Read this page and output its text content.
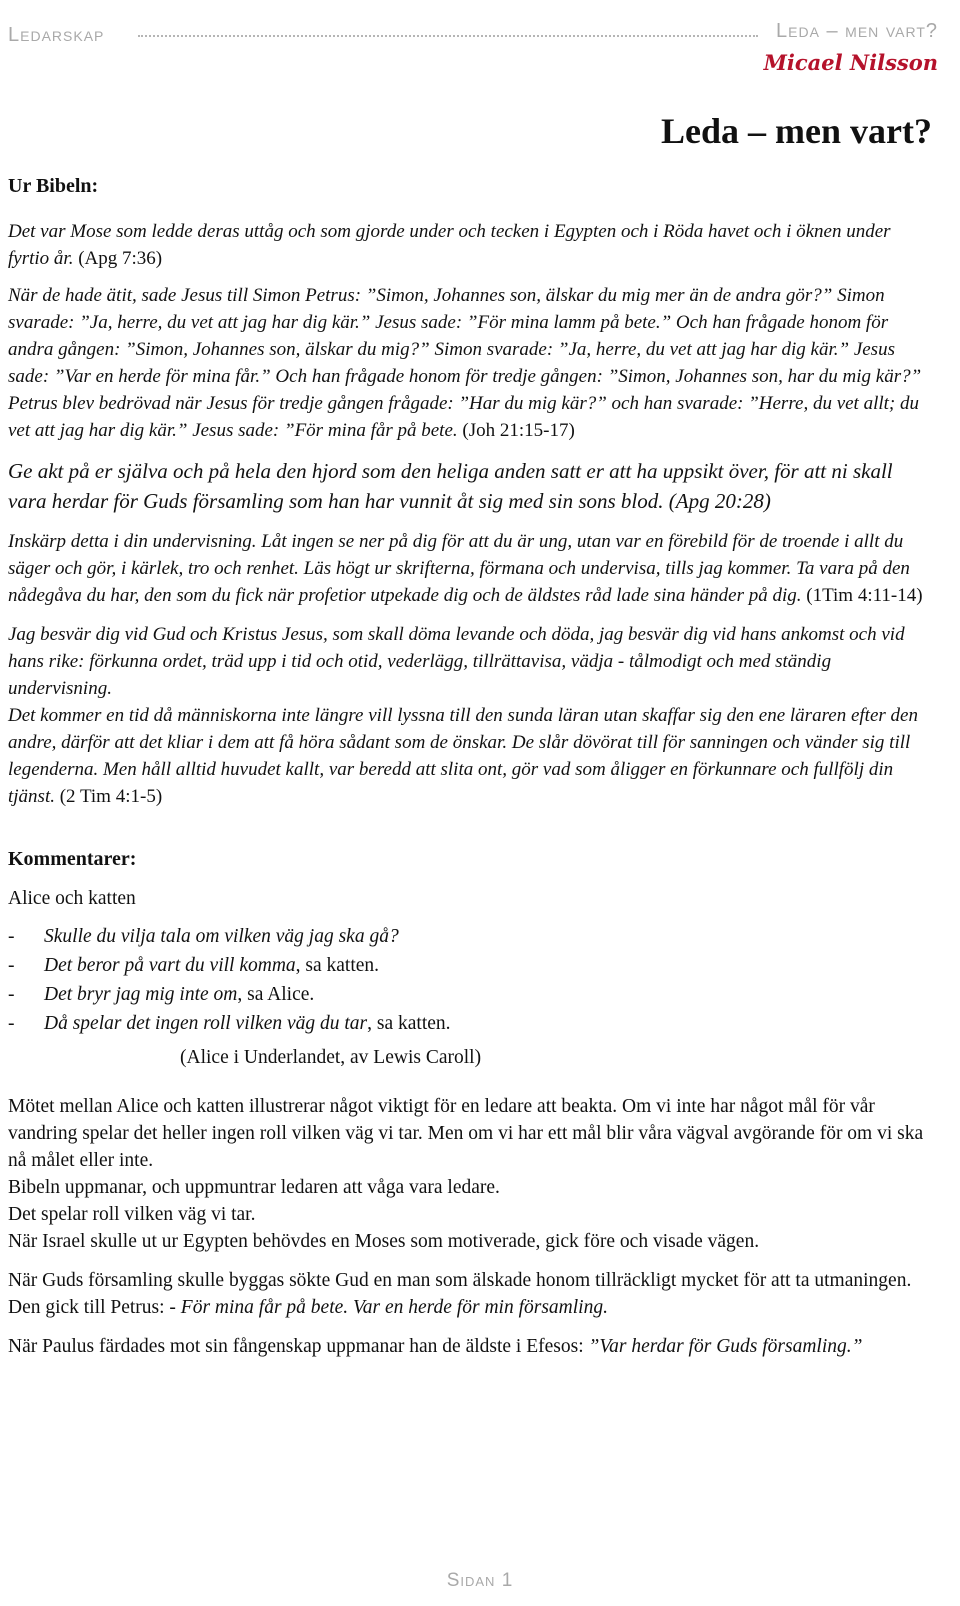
Ledarskap	Leda – men vart?
Micael Nilsson
Leda – men vart?

Ur Bibeln:

Det var Mose som ledde deras uttåg och som gjorde under och tecken i Egypten och i Röda havet och i öknen under fyrtio år. (Apg 7:36)

När de hade ätit, sade Jesus till Simon Petrus: ”Simon, Johannes son, älskar du mig mer än de andra gör?” Simon svarade: ”Ja, herre, du vet att jag har dig kär.” Jesus sade: ”För mina lamm på bete.” Och han frågade honom för andra gången: ”Simon, Johannes son, älskar du mig?” Simon svarade: ”Ja, herre, du vet att jag har dig kär.” Jesus sade: ”Var en herde för mina får.” Och han frågade honom för tredje gången: ”Simon, Johannes son, har du mig kär?” Petrus blev bedrövad när Jesus för tredje gången frågade: ”Har du mig kär?” och han svarade: ”Herre, du vet allt; du vet att jag har dig kär.” Jesus sade: ”För mina får på bete. (Joh 21:15-17)

Ge akt på er själva och på hela den hjord som den heliga anden satt er att ha uppsikt över, för att ni skall vara herdar för Guds församling som han har vunnit åt sig med sin sons blod. (Apg 20:28)

Inskärp detta i din undervisning. Låt ingen se ner på dig för att du är ung, utan var en förebild för de troende i allt du säger och gör, i kärlek, tro och renhet. Läs högt ur skrifterna, förmana och undervisa, tills jag kommer. Ta vara på den nådegåva du har, den som du fick när profetior utpekade dig och de äldstes råd lade sina händer på dig. (1Tim 4:11-14)

Jag besvär dig vid Gud och Kristus Jesus, som skall döma levande och döda, jag besvär dig vid hans ankomst och vid hans rike: förkunna ordet, träd upp i tid och otid, vederlägg, tillrättavisa, vädja - tålmodigt och med ständig undervisning.

Det kommer en tid då människorna inte längre vill lyssna till den sunda läran utan skaffar sig den ene läraren efter den andre, därför att det kliar i dem att få höra sådant som de önskar. De slår dövörat till för sanningen och vänder sig till legenderna. Men håll alltid huvudet kallt, var beredd att slita ont, gör vad som åligger en förkunnare och fullfölj din tjänst. (2 Tim 4:1-5)

Kommentarer:

Alice och katten

-	Skulle du vilja tala om vilken väg jag ska gå?

-	Det beror på vart du vill komma, sa katten.

-	Det bryr jag mig inte om, sa Alice.

-	Då spelar det ingen roll vilken väg du tar, sa katten.

(Alice i Underlandet, av Lewis Caroll)

Mötet mellan Alice och katten illustrerar något viktigt för en ledare att beakta. Om vi inte har något mål för vår vandring spelar det heller ingen roll vilken väg vi tar. Men om vi har ett mål blir våra vägval avgörande för om vi ska nå målet eller inte.

Bibeln uppmanar, och uppmuntrar ledaren att våga vara ledare.

Det spelar roll vilken väg vi tar.

När Israel skulle ut ur Egypten behövdes en Moses som motiverade, gick före och visade vägen.

När Guds församling skulle byggas sökte Gud en man som älskade honom tillräckligt mycket för att ta utmaningen. Den gick till Petrus: - För mina får på bete. Var en herde för min församling.

När Paulus färdades mot sin fångenskap uppmanar han de äldste i Efesos: ”Var herdar för Guds församling.”

Sidan 1
